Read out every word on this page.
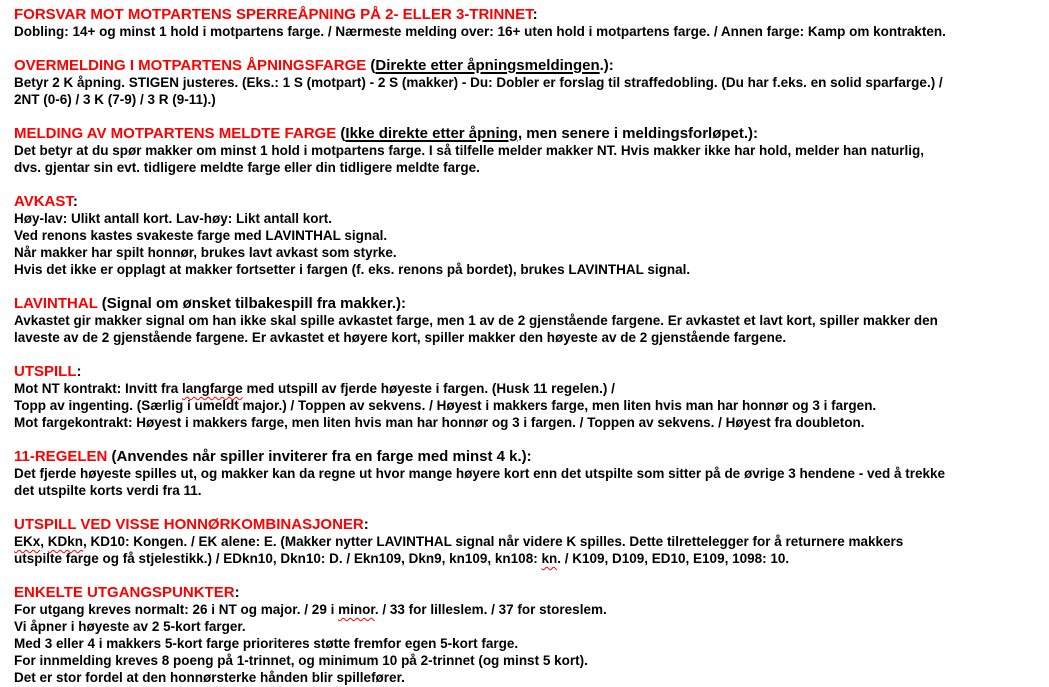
FORSVAR MOT MOTPARTENS SPERREÅPNING PÅ 2- ELLER 3-TRINNET:
Dobling: 14+ og minst 1 hold i motpartens farge. / Nærmeste melding over: 16+ uten hold i motpartens farge. / Annen farge: Kamp om kontrakten.
OVERMELDING I MOTPARTENS ÅPNINGSFARGE (Direkte etter åpningsmeldingen.):
Betyr 2 K åpning. STIGEN justeres. (Eks.: 1 S (motpart) - 2 S (makker) - Du: Dobler er forslag til straffedobling. (Du har f.eks. en solid sparfarge.) /
2NT (0-6) / 3 K (7-9) / 3 R (9-11).)
MELDING AV MOTPARTENS MELDTE FARGE (Ikke direkte etter åpning, men senere i meldingsforløpet.):
Det betyr at du spør makker om minst 1 hold i motpartens farge. I så tilfelle melder makker NT. Hvis makker ikke har hold, melder han naturlig,
dvs. gjentar sin evt. tidligere meldte farge eller din tidligere meldte farge.
AVKAST:
Høy-lav: Ulikt antall kort. Lav-høy: Likt antall kort.
Ved renons kastes svakeste farge med LAVINTHAL signal.
Når makker har spilt honnør, brukes lavt avkast som styrke.
Hvis det ikke er opplagt at makker fortsetter i fargen (f. eks. renons på bordet), brukes LAVINTHAL signal.
LAVINTHAL (Signal om ønsket tilbakespill fra makker.):
Avkastet gir makker signal om han ikke skal spille avkastet farge, men 1 av de 2 gjenstående fargene. Er avkastet et lavt kort, spiller makker den
laveste av de 2 gjenstående fargene. Er avkastet et høyere kort, spiller makker den høyeste av de 2 gjenstående fargene.
UTSPILL:
Mot NT kontrakt: Invitt fra langfarge med utspill av fjerde høyeste i fargen. (Husk 11 regelen.) /
Topp av ingenting. (Særlig i umeldt major.) / Toppen av sekvens. / Høyest i makkers farge, men liten hvis man har honnør og 3 i fargen.
Mot fargekontrakt: Høyest i makkers farge, men liten hvis man har honnør og 3 i fargen. / Toppen av sekvens. / Høyest fra doubleton.
11-REGELEN (Anvendes når spiller inviterer fra en farge med minst 4 k.):
Det fjerde høyeste spilles ut, og makker kan da regne ut hvor mange høyere kort enn det utspilte som sitter på de øvrige 3 hendene - ved å trekke
det utspilte korts verdi fra 11.
UTSPILL VED VISSE HONNØRKOMBINASJONER:
EKx, KDkn, KD10: Kongen. / EK alene: E. (Makker nytter LAVINTHAL signal når videre K spilles. Dette tilrettelegger for å returnere makkers
utspilte farge og få stjelestikk.) / EDkn10, Dkn10: D. / Ekn109, Dkn9, kn109, kn108: kn. / K109, D109, ED10, E109, 1098: 10.
ENKELTE UTGANGSPUNKTER:
For utgang kreves normalt: 26 i NT og major. / 29 i minor. / 33 for lilleslem. / 37 for storeslem.
Vi åpner i høyeste av 2 5-kort farger.
Med 3 eller 4 i makkers 5-kort farge prioriteres støtte fremfor egen 5-kort farge.
For innmelding kreves 8 poeng på 1-trinnet, og minimum 10 på 2-trinnet (og minst 5 kort).
Det er stor fordel at den honnørsterke hånden blir spillefører.
